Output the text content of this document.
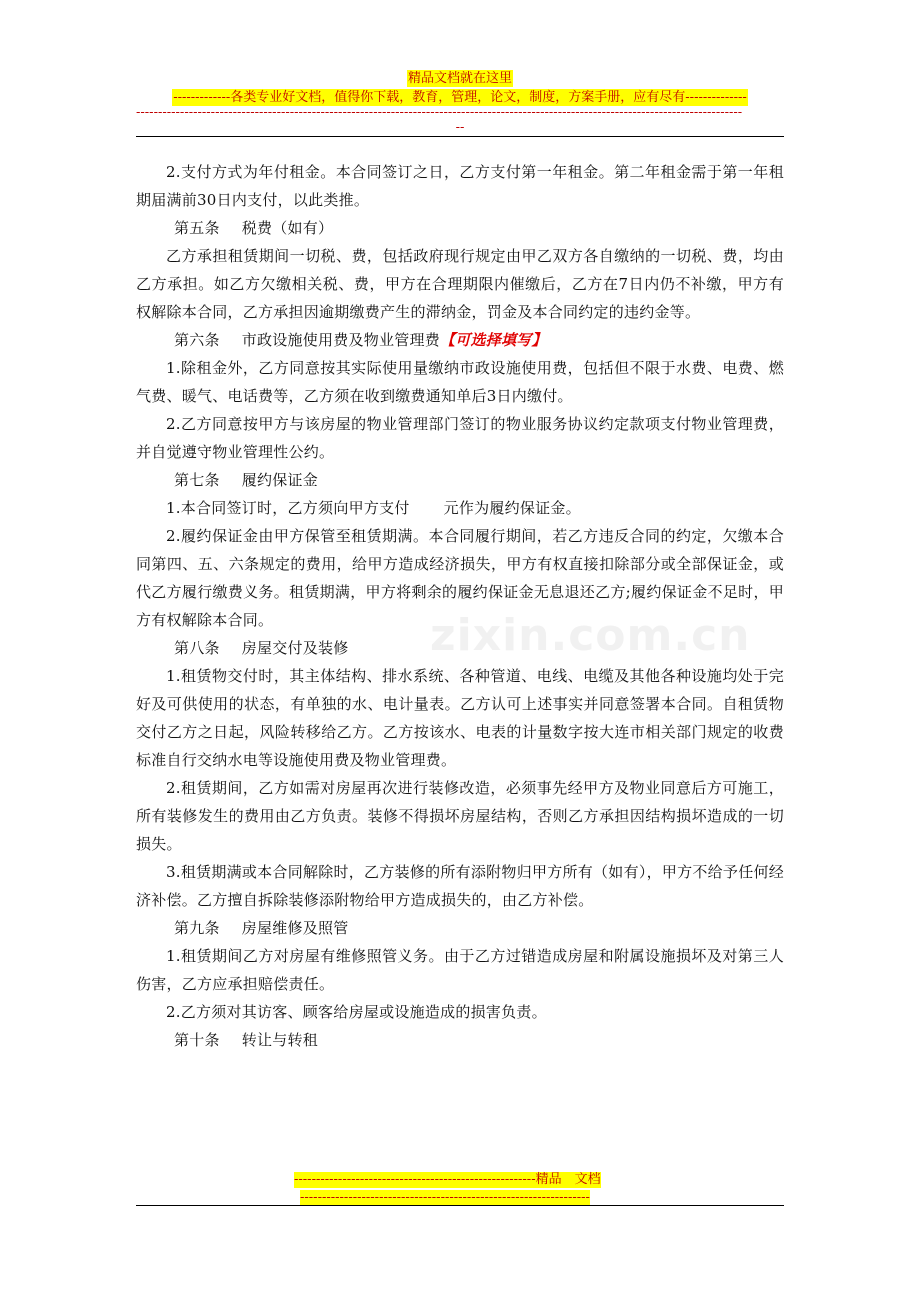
精品文档就在这里
-------------各类专业好文档，值得你下载，教育，管理，论文，制度，方案手册，应有尽有--------------
------------------------------------------------------------------------------------------------------------------------------------------
--
zixin.com.cn

2.支付方式为年付租金。本合同签订之日，乙方支付第一年租金。第二年租金需于第一年租期届满前30日内支付，以此类推。

第五条 税费（如有）

乙方承担租赁期间一切税、费，包括政府现行规定由甲乙双方各自缴纳的一切税、费，均由乙方承担。如乙方欠缴相关税、费，甲方在合理期限内催缴后，乙方在7日内仍不补缴，甲方有权解除本合同，乙方承担因逾期缴费产生的滞纳金，罚金及本合同约定的违约金等。

第六条 市政设施使用费及物业管理费【可选择填写】

1.除租金外，乙方同意按其实际使用量缴纳市政设施使用费，包括但不限于水费、电费、燃气费、暖气、电话费等，乙方须在收到缴费通知单后3日内缴付。

2.乙方同意按甲方与该房屋的物业管理部门签订的物业服务协议约定款项支付物业管理费，并自觉遵守物业管理性公约。

第七条 履约保证金

1.本合同签订时，乙方须向甲方支付 元作为履约保证金。

2.履约保证金由甲方保管至租赁期满。本合同履行期间，若乙方违反合同的约定，欠缴本合同第四、五、六条规定的费用，给甲方造成经济损失，甲方有权直接扣除部分或全部保证金，或代乙方履行缴费义务。租赁期满，甲方将剩余的履约保证金无息退还乙方;履约保证金不足时，甲方有权解除本合同。

第八条 房屋交付及装修

1.租赁物交付时，其主体结构、排水系统、各种管道、电线、电缆及其他各种设施均处于完好及可供使用的状态，有单独的水、电计量表。乙方认可上述事实并同意签署本合同。自租赁物交付乙方之日起，风险转移给乙方。乙方按该水、电表的计量数字按大连市相关部门规定的收费标准自行交纳水电等设施使用费及物业管理费。

2.租赁期间，乙方如需对房屋再次进行装修改造，必须事先经甲方及物业同意后方可施工，所有装修发生的费用由乙方负责。装修不得损坏房屋结构，否则乙方承担因结构损坏造成的一切损失。

3.租赁期满或本合同解除时，乙方装修的所有添附物归甲方所有（如有），甲方不给予任何经济补偿。乙方擅自拆除装修添附物给甲方造成损失的，由乙方补偿。

第九条 房屋维修及照管

1.租赁期间乙方对房屋有维修照管义务。由于乙方过错造成房屋和附属设施损坏及对第三人伤害，乙方应承担赔偿责任。

2.乙方须对其访客、顾客给房屋或设施造成的损害负责。

第十条 转让与转租

-------------------------------------------------------精品　文档
------------------------------------------------------------------
